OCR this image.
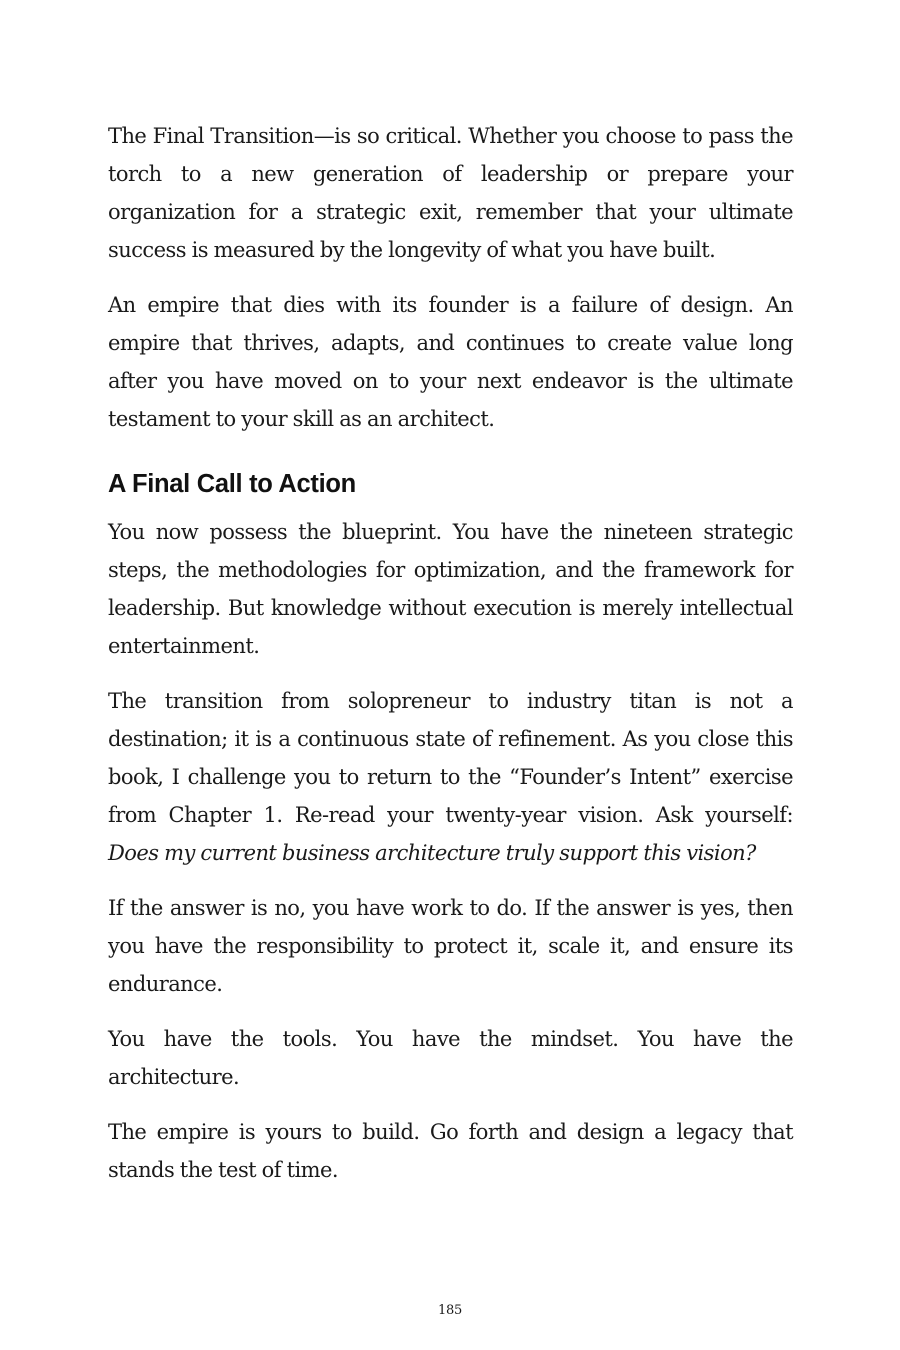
The Final Transition—is so critical. Whether you choose to pass the torch to a new generation of leadership or prepare your organization for a strategic exit, remember that your ultimate success is measured by the longevity of what you have built.

An empire that dies with its founder is a failure of design. An empire that thrives, adapts, and continues to create value long after you have moved on to your next endeavor is the ultimate testament to your skill as an architect.

A Final Call to Action

You now possess the blueprint. You have the nineteen strategic steps, the methodologies for optimization, and the framework for leadership. But knowledge without execution is merely intellectual entertainment.

The transition from solopreneur to industry titan is not a destination; it is a continuous state of refinement. As you close this book, I challenge you to return to the “Founder’s Intent” exercise from Chapter 1. Re-read your twenty-year vision. Ask yourself: Does my current business architecture truly support this vision?

If the answer is no, you have work to do. If the answer is yes, then you have the responsibility to protect it, scale it, and ensure its endurance.

You have the tools. You have the mindset. You have the architecture.

The empire is yours to build. Go forth and design a legacy that stands the test of time.

185
